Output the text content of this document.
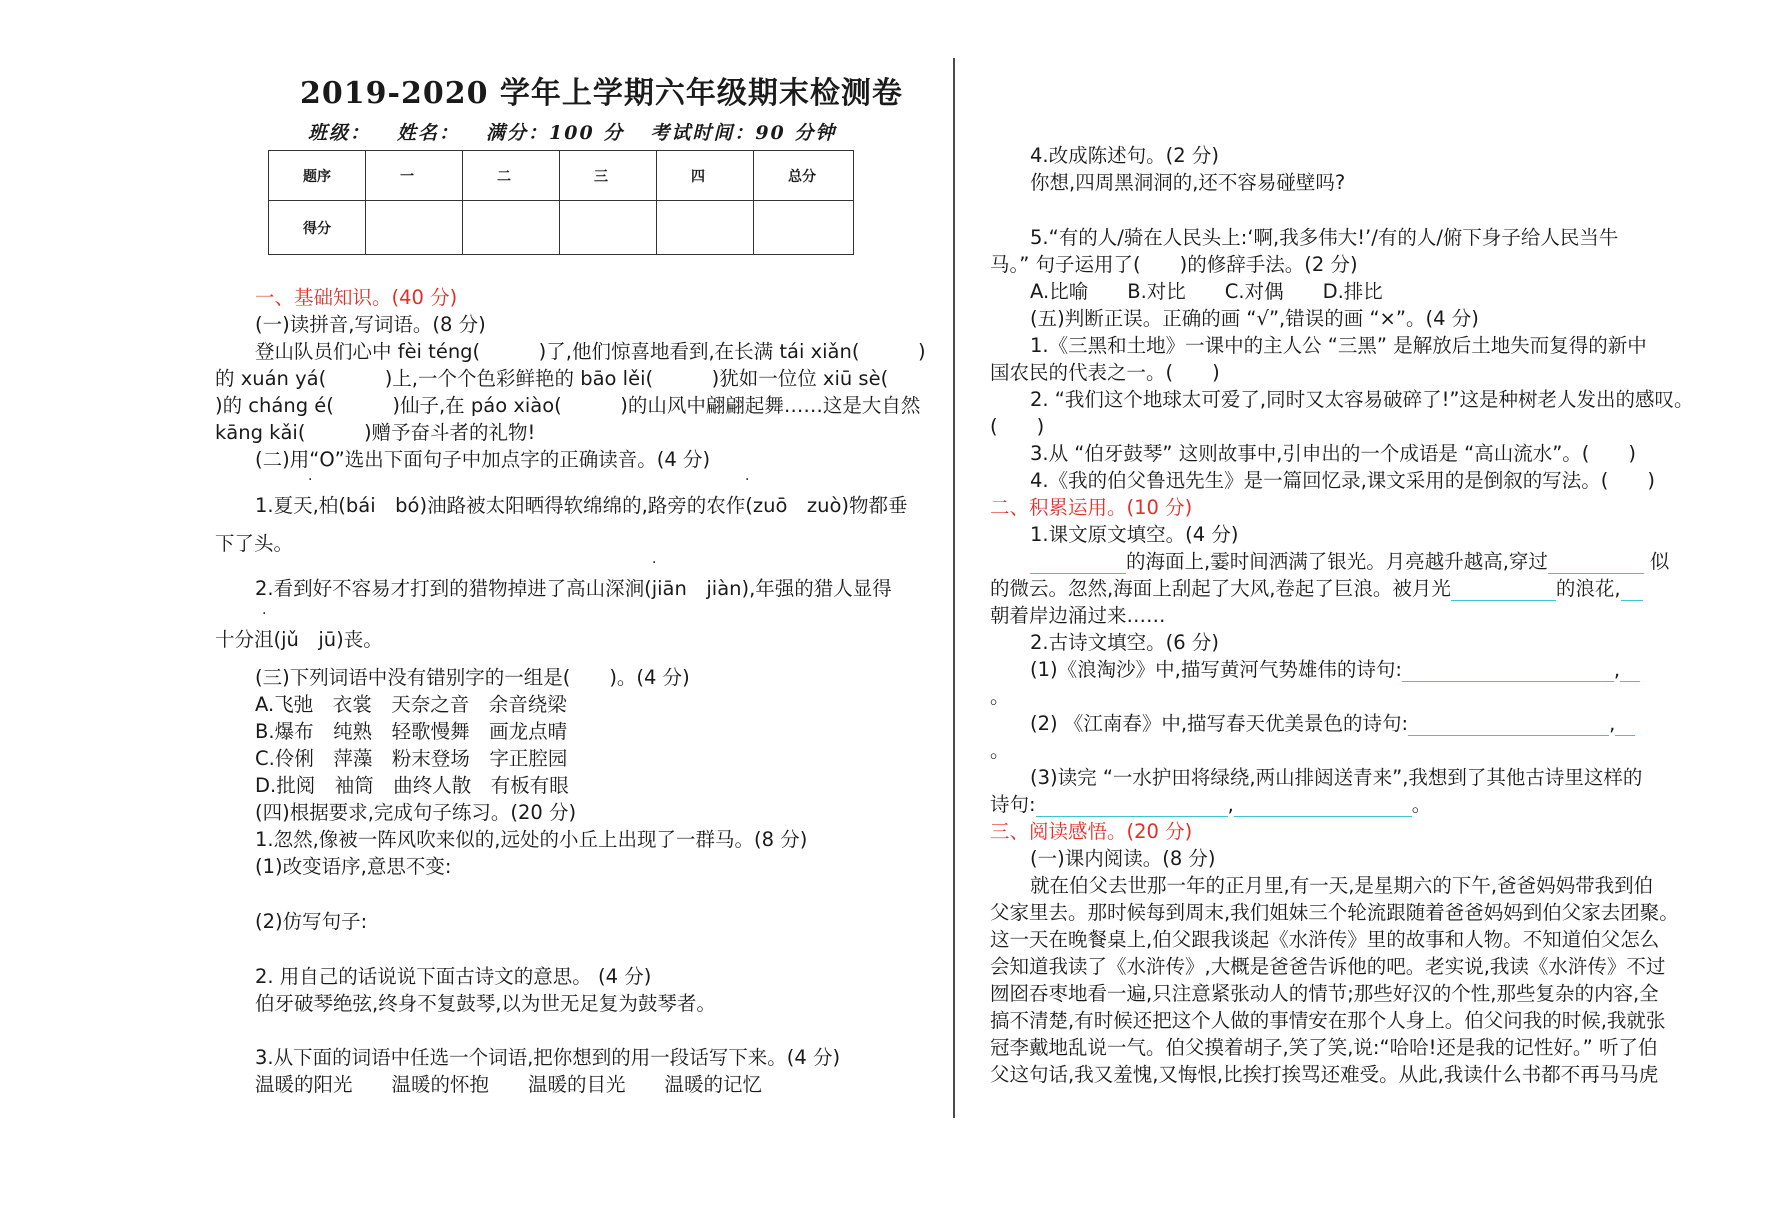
2019-2020 学年上学期六年级期末检测卷
班级： 姓名： 满分：100 分 考试时间：90 分钟
题序	一	二	三	四	总分
得分					
一、基础知识。(40 分)
(一)读拼音,写词语。(8 分)
登山队员们心中 fèi téng(　　　)了,他们惊喜地看到,在长满 tái xiǎn(　　　)
的 xuán yá(　　　)上,一个个色彩鲜艳的 bāo lěi(　　　)犹如一位位 xiū sè(
)的 cháng é(　　　)仙子,在 páo xiào(　　　)的山风中翩翩起舞……这是大自然
kāng kǎi(　　　)赠予奋斗者的礼物!
(二)用“Ο”选出下面句子中加点字的正确读音。(4 分)
·	·
1.夏天,柏(bái　bó)油路被太阳晒得软绵绵的,路旁的农作(zuō　zuò)物都垂
下了头。
·
2.看到好不容易才打到的猎物掉进了高山深涧(jiān　jiàn),年强的猎人显得
·
十分沮(jǔ　jū)丧。
(三)下列词语中没有错别字的一组是(　　)。(4 分)
A.飞弛　衣裳　天奈之音　余音绕梁
B.爆布　纯熟　轻歌慢舞　画龙点晴
C.伶俐　萍藻　粉末登场　字正腔园
D.批阅　袖筒　曲终人散　有板有眼
(四)根据要求,完成句子练习。(20 分)
1.忽然,像被一阵风吹来似的,远处的小丘上出现了一群马。(8 分)
(1)改变语序,意思不变:
(2)仿写句子:
2. 用自己的话说说下面古诗文的意思。 (4 分)
伯牙破琴绝弦,终身不复鼓琴,以为世无足复为鼓琴者。
3.从下面的词语中任选一个词语,把你想到的用一段话写下来。(4 分)
温暖的阳光　　温暖的怀抱　　温暖的目光　　温暖的记忆
4.改成陈述句。(2 分)
你想,四周黑洞洞的,还不容易碰壁吗?
5.“有的人/骑在人民头上:‘啊,我多伟大!’/有的人/俯下身子给人民当牛
马。” 句子运用了(　　)的修辞手法。(2 分)
A.比喻　　B.对比　　C.对偶　　D.排比
(五)判断正误。正确的画 “√”,错误的画 “×”。(4 分)
1.《三黑和土地》一课中的主人公 “三黑” 是解放后土地失而复得的新中
国农民的代表之一。(　　)
2. “我们这个地球太可爱了,同时又太容易破碎了!”这是种树老人发出的感叹。
(　　)
3.从 “伯牙鼓琴” 这则故事中,引申出的一个成语是 “高山流水”。(　　)
4.《我的伯父鲁迅先生》是一篇回忆录,课文采用的是倒叙的写法。(　　)
二、积累运用。(10 分)
1.课文原文填空。(4 分)
的海面上,霎时间洒满了银光。月亮越升越高,穿过	似
的微云。忽然,海面上刮起了大风,卷起了巨浪。被月光	的浪花,
朝着岸边涌过来……
2.古诗文填空。(6 分)
(1)《浪淘沙》中,描写黄河气势雄伟的诗句:	,
。
(2) 《江南春》中,描写春天优美景色的诗句:	,
。
(3)读完 “一水护田将绿绕,两山排闼送青来”,我想到了其他古诗里这样的
诗句:	,	。
三、阅读感悟。(20 分)
(一)课内阅读。(8 分)
就在伯父去世那一年的正月里,有一天,是星期六的下午,爸爸妈妈带我到伯
父家里去。那时候每到周末,我们姐妹三个轮流跟随着爸爸妈妈到伯父家去团聚。
这一天在晚餐桌上,伯父跟我谈起《水浒传》里的故事和人物。不知道伯父怎么
会知道我读了《水浒传》,大概是爸爸告诉他的吧。老实说,我读《水浒传》不过
囫囵吞枣地看一遍,只注意紧张动人的情节;那些好汉的个性,那些复杂的内容,全
搞不清楚,有时候还把这个人做的事情安在那个人身上。伯父问我的时候,我就张
冠李戴地乱说一气。伯父摸着胡子,笑了笑,说:“哈哈!还是我的记性好。” 听了伯
父这句话,我又羞愧,又悔恨,比挨打挨骂还难受。从此,我读什么书都不再马马虎
